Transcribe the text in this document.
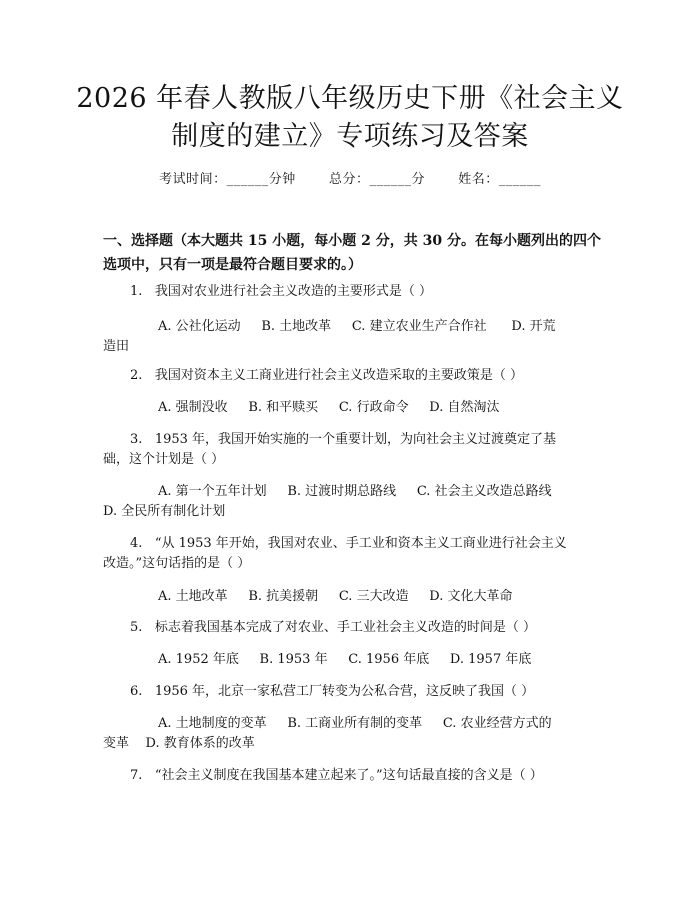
2026 年春人教版八年级历史下册《社会主义
制度的建立》专项练习及答案
考试时间：______分钟	总分：______分	姓名：______
一、选择题（本大题共 15 小题，每小题 2 分，共 30 分。在每小题列出的四个选项中，只有一项是最符合题目要求的。）
1. 我国对农业进行社会主义改造的主要形式是（ ）
A. 公社化运动 B. 土地改革 C. 建立农业生产合作社 D. 开荒
造田
2. 我国对资本主义工商业进行社会主义改造采取的主要政策是（ ）
A. 强制没收 B. 和平赎买 C. 行政命令 D. 自然淘汰
3. 1953 年，我国开始实施的一个重要计划，为向社会主义过渡奠定了基
础，这个计划是（ ）
A. 第一个五年计划 B. 过渡时期总路线 C. 社会主义改造总路线
D. 全民所有制化计划
4. “从 1953 年开始，我国对农业、手工业和资本主义工商业进行社会主义
改造。”这句话指的是（ ）
A. 土地改革 B. 抗美援朝 C. 三大改造 D. 文化大革命
5. 标志着我国基本完成了对农业、手工业社会主义改造的时间是（ ）
A. 1952 年底 B. 1953 年 C. 1956 年底 D. 1957 年底
6. 1956 年，北京一家私营工厂转变为公私合营，这反映了我国（ ）
A. 土地制度的变革 B. 工商业所有制的变革 C. 农业经营方式的
变革    D. 教育体系的改革
7. “社会主义制度在我国基本建立起来了。”这句话最直接的含义是（ ）
